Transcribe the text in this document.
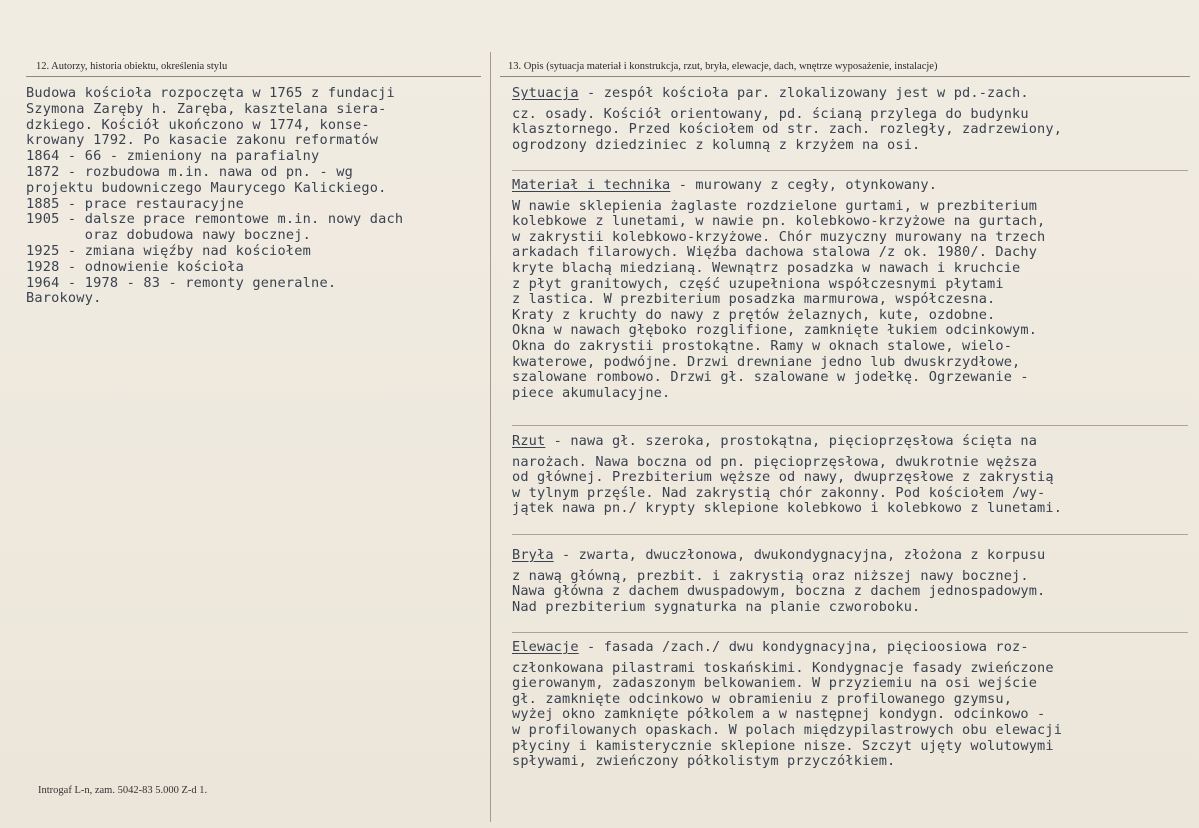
12. Autorzy, historia obiektu, określenia stylu	13. Opis (sytuacja materiał i konstrukcja, rzut, bryła, elewacje, dach, wnętrze wyposażenie, instalacje)
Budowa kościoła rozpoczęta w 1765 z fundacji
Szymona Zaręby h. Zaręba, kasztelana siera-
dzkiego. Kościół ukończono w 1774, konse-
krowany 1792. Po kasacie zakonu reformatów
1864 - 66 - zmieniony na parafialny
1872 - rozbudowa m.in. nawa od pn. - wg
projektu budowniczego Maurycego Kalickiego.
1885 - prace restauracyjne
1905 - dalsze prace remontowe m.in. nowy dach
oraz dobudowa nawy bocznej.
1925 - zmiana więźby nad kościołem
1928 - odnowienie kościoła
1964 - 1978 - 83 - remonty generalne.
Barokowy.
Sytuacja - zespół kościoła par. zlokalizowany jest w pd.-zach.
cz. osady. Kościół orientowany, pd. ścianą przylega do budynku
klasztornego. Przed kościołem od str. zach. rozległy, zadrzewiony,
ogrodzony dziedziniec z kolumną z krzyżem na osi.
Materiał i technika - murowany z cegły, otynkowany.
W nawie sklepienia żaglaste rozdzielone gurtami, w prezbiterium
kolebkowe z lunetami, w nawie pn. kolebkowo-krzyżowe na gurtach,
w zakrystii kolebkowo-krzyżowe. Chór muzyczny murowany na trzech
arkadach filarowych. Więźba dachowa stalowa /z ok. 1980/. Dachy
kryte blachą miedzianą. Wewnątrz posadzka w nawach i kruchcie
z płyt granitowych, część uzupełniona współczesnymi płytami
z lastica. W prezbiterium posadzka marmurowa, współczesna.
Kraty z kruchty do nawy z prętów żelaznych, kute, ozdobne.
Okna w nawach głęboko rozglifione, zamknięte łukiem odcinkowym.
Okna do zakrystii prostokątne. Ramy w oknach stalowe, wielo-
kwaterowe, podwójne. Drzwi drewniane jedno lub dwuskrzydłowe,
szalowane rombowo. Drzwi gł. szalowane w jodełkę. Ogrzewanie -
piece akumulacyjne.
Rzut - nawa gł. szeroka, prostokątna, pięcioprzęsłowa ścięta na
narożach. Nawa boczna od pn. pięcioprzęsłowa, dwukrotnie węższa
od głównej. Prezbiterium węższe od nawy, dwuprzęsłowe z zakrystią
w tylnym przęśle. Nad zakrystią chór zakonny. Pod kościołem /wy-
jątek nawa pn./ krypty sklepione kolebkowo i kolebkowo z lunetami.
Bryła - zwarta, dwuczłonowa, dwukondygnacyjna, złożona z korpusu
z nawą główną, prezbit. i zakrystią oraz niższej nawy bocznej.
Nawa główna z dachem dwuspadowym, boczna z dachem jednospadowym.
Nad prezbiterium sygnaturka na planie czworoboku.
Elewacje - fasada /zach./ dwu kondygnacyjna, pięcioosiowa roz-
członkowana pilastrami toskańskimi. Kondygnacje fasady zwieńczone
gierowanym, zadaszonym belkowaniem. W przyziemiu na osi wejście
gł. zamknięte odcinkowo w obramieniu z profilowanego gzymsu,
wyżej okno zamknięte półkolem a w następnej kondygn. odcinkowo -
w profilowanych opaskach. W polach międzypilastrowych obu elewacji
płyciny i kamisterycznie sklepione nisze. Szczyt ujęty wolutowymi
spływami, zwieńczony półkolistym przyczółkiem.
Introgaf L-n, zam. 5042-83 5.000 Z-d 1.
